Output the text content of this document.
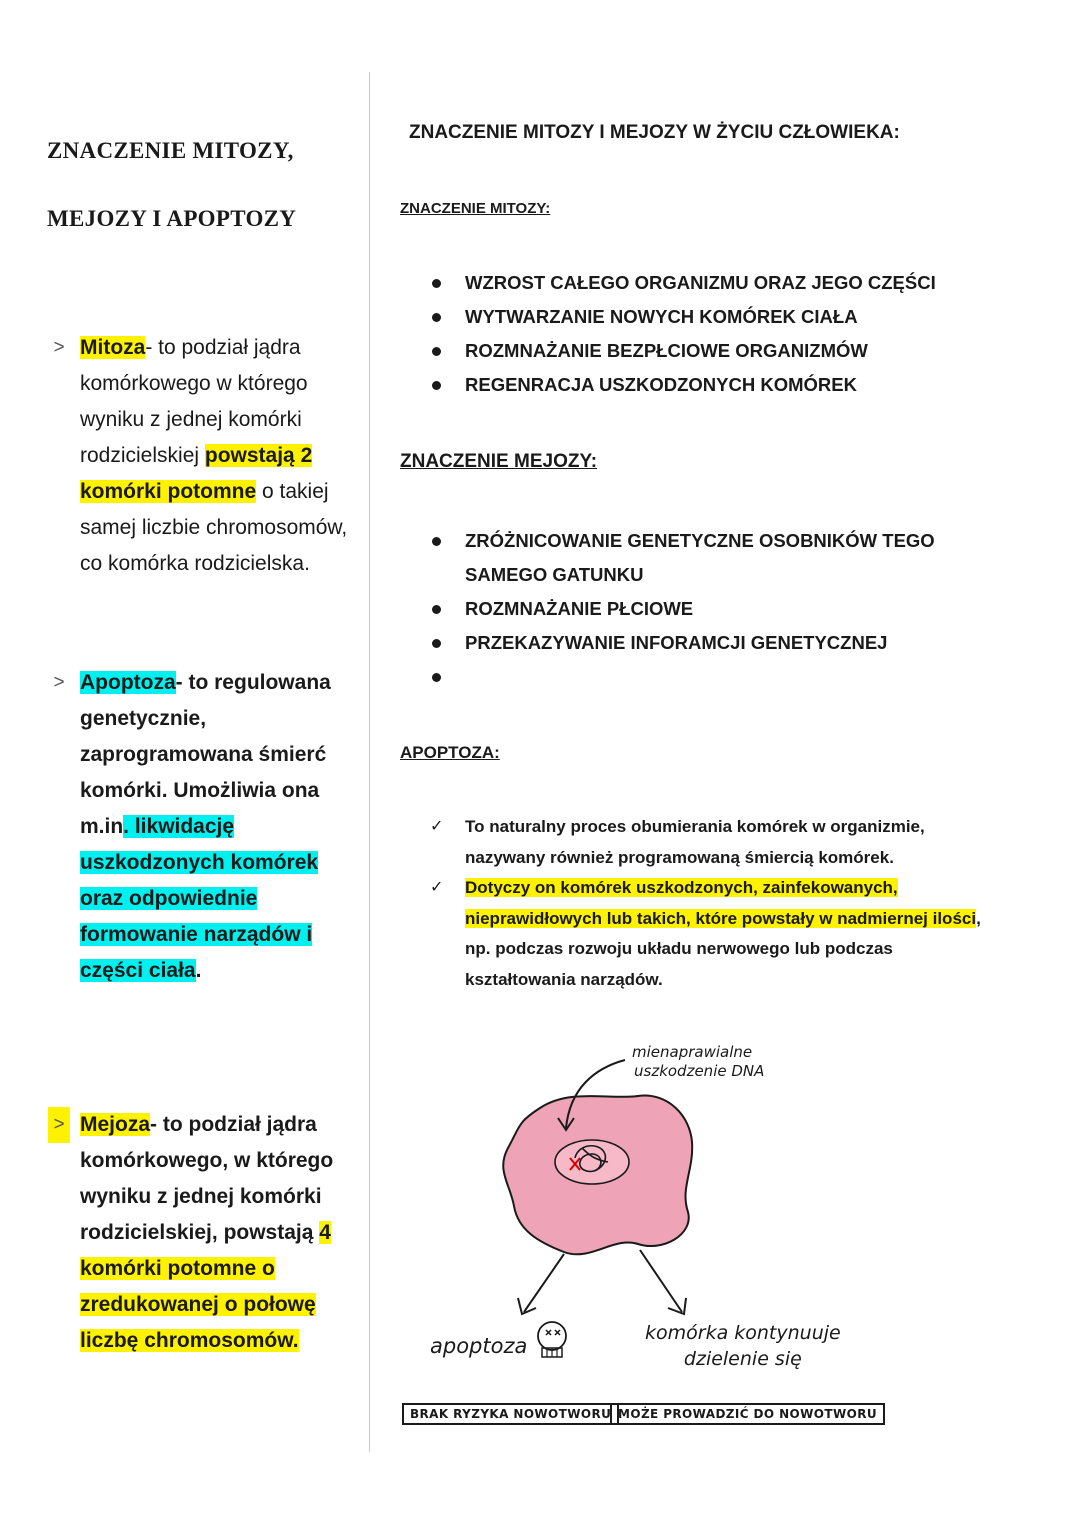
ZNACZENIE MITOZY,
MEJOZY I APOPTOZY
> Mitoza- to podział jądra komórkowego w którego wyniku z jednej komórki rodzicielskiej powstają 2 komórki potomne o takiej samej liczbie chromosomów, co komórka rodzicielska.
> Apoptoza- to regulowana genetycznie, zaprogramowana śmierć komórki. Umożliwia ona m.in. likwidację uszkodzonych komórek oraz odpowiednie formowanie narządów i części ciała.
> Mejoza- to podział jądra komórkowego, w którego wyniku z jednej komórki rodzicielskiej, powstają 4 komórki potomne o zredukowanej o połowę liczbę chromosomów.
ZNACZENIE MITOZY I MEJOZY W ŻYCIU CZŁOWIEKA:
ZNACZENIE MITOZY:
WZROST CAŁEGO ORGANIZMU ORAZ JEGO CZĘŚCI
WYTWARZANIE NOWYCH KOMÓREK CIAŁA
ROZMNAŻANIE BEZPŁCIOWE ORGANIZMÓW
REGENRACJA USZKODZONYCH KOMÓREK
ZNACZENIE MEJOZY:
ZRÓŻNICOWANIE GENETYCZNE OSOBNIKÓW TEGO SAMEGO GATUNKU
ROZMNAŻANIE PŁCIOWE
PRZEKAZYWANIE INFORAMCJI GENETYCZNEJ

APOPTOZA:
✓ To naturalny proces obumierania komórek w organizmie, nazywany również programowaną śmiercią komórek.
✓ Dotyczy on komórek uszkodzonych, zainfekowanych, nieprawidłowych lub takich, które powstały w nadmiernej ilości, np. podczas rozwoju układu nerwowego lub podczas kształtowania narządów.
mienaprawialne
uszkodzenie DNA
apoptoza
komórka kontynuuje
dzielenie się
BRAK RYZYKA NOWOTWORU MOŻE PROWADZIĆ DO NOWOTWORU
